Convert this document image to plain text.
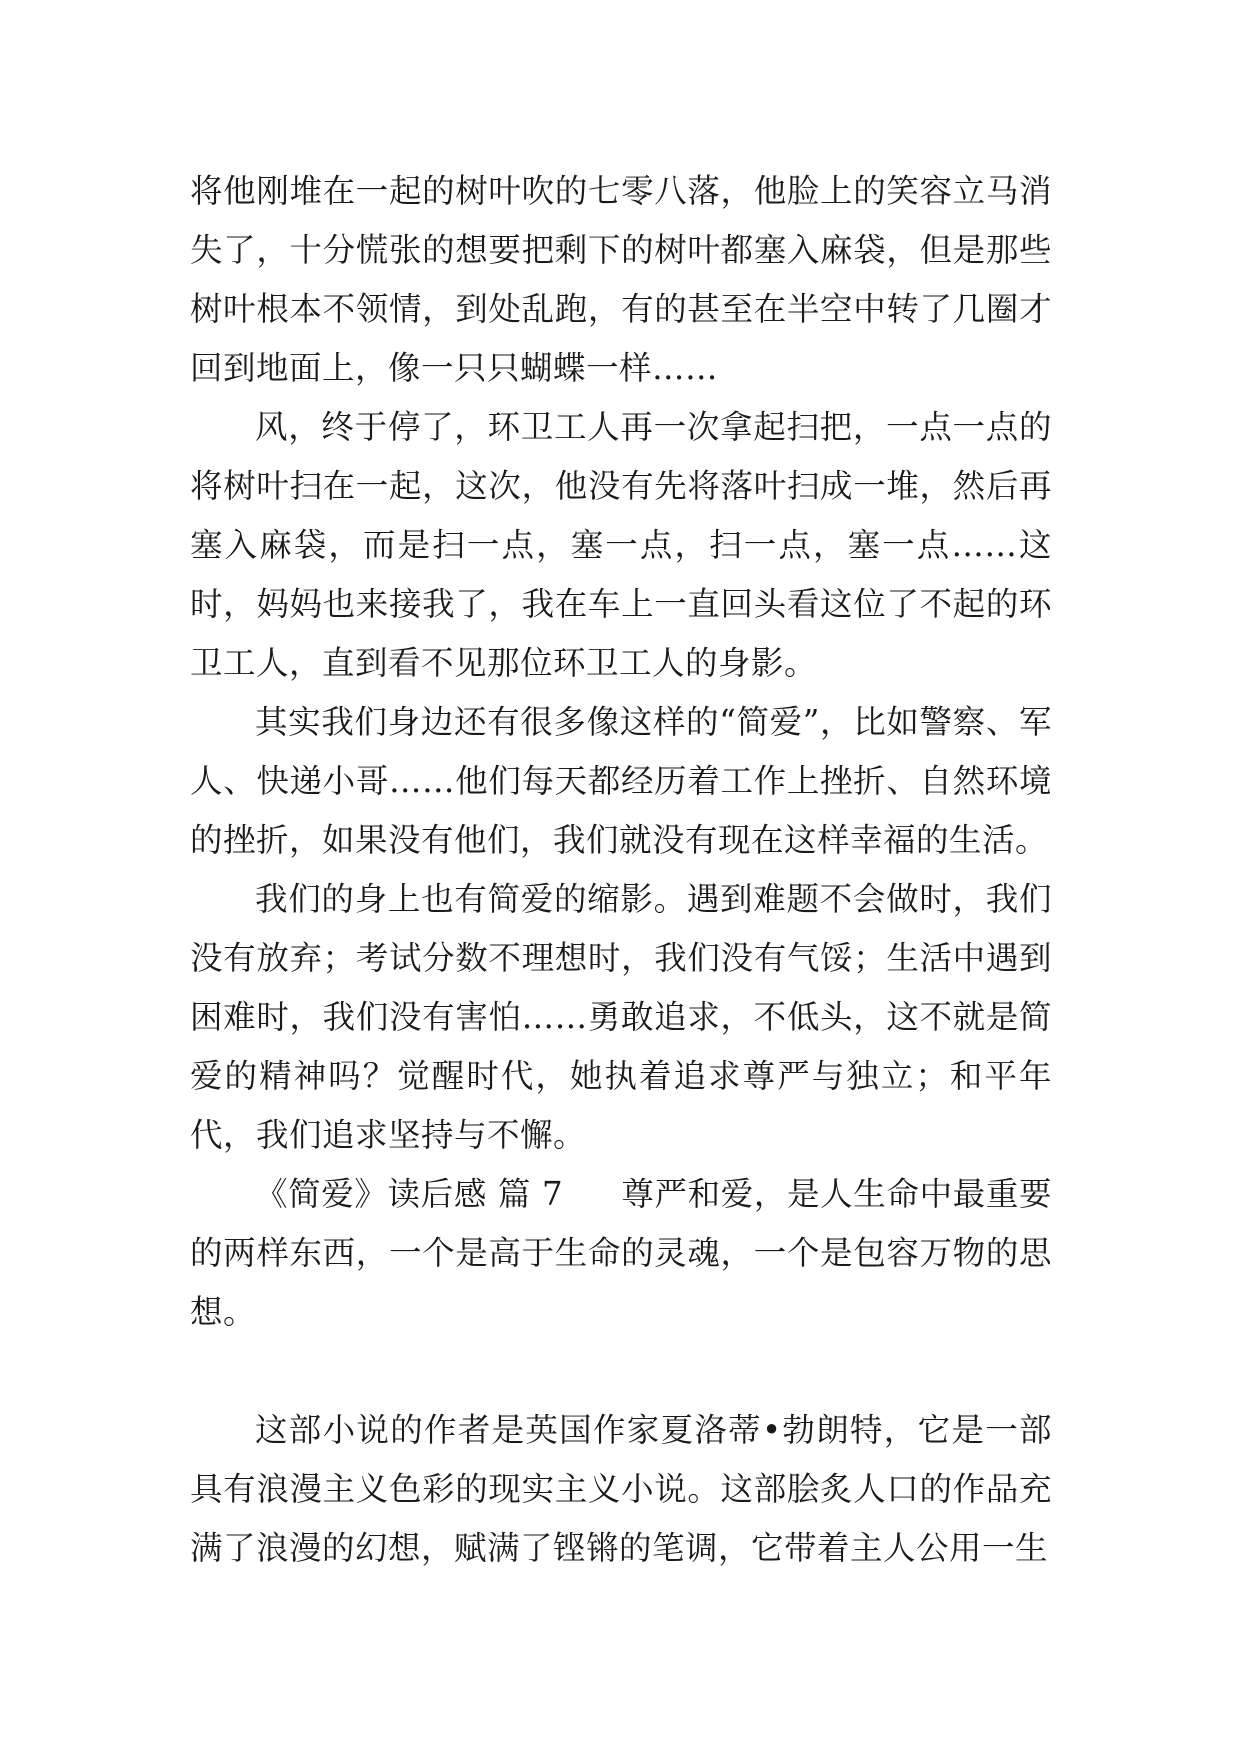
将他刚堆在一起的树叶吹的七零八落，他脸上的笑容立马消失了，十分慌张的想要把剩下的树叶都塞入麻袋，但是那些树叶根本不领情，到处乱跑，有的甚至在半空中转了几圈才回到地面上，像一只只蝴蝶一样……

风，终于停了，环卫工人再一次拿起扫把，一点一点的将树叶扫在一起，这次，他没有先将落叶扫成一堆，然后再塞入麻袋，而是扫一点，塞一点，扫一点，塞一点……这时，妈妈也来接我了，我在车上一直回头看这位了不起的环卫工人，直到看不见那位环卫工人的身影。

其实我们身边还有很多像这样的“简爱”，比如警察、军人、快递小哥……他们每天都经历着工作上挫折、自然环境的挫折，如果没有他们，我们就没有现在这样幸福的生活。

我们的身上也有简爱的缩影。遇到难题不会做时，我们没有放弃；考试分数不理想时，我们没有气馁；生活中遇到困难时，我们没有害怕……勇敢追求，不低头，这不就是简爱的精神吗？觉醒时代，她执着追求尊严与独立；和平年代，我们追求坚持与不懈。

《简爱》读后感 篇 7 尊严和爱，是人生命中最重要的两样东西，一个是高于生命的灵魂，一个是包容万物的思想。

这部小说的作者是英国作家夏洛蒂•勃朗特，它是一部具有浪漫主义色彩的现实主义小说。这部脍炙人口的作品充满了浪漫的幻想，赋满了铿锵的笔调，它带着主人公用一生
